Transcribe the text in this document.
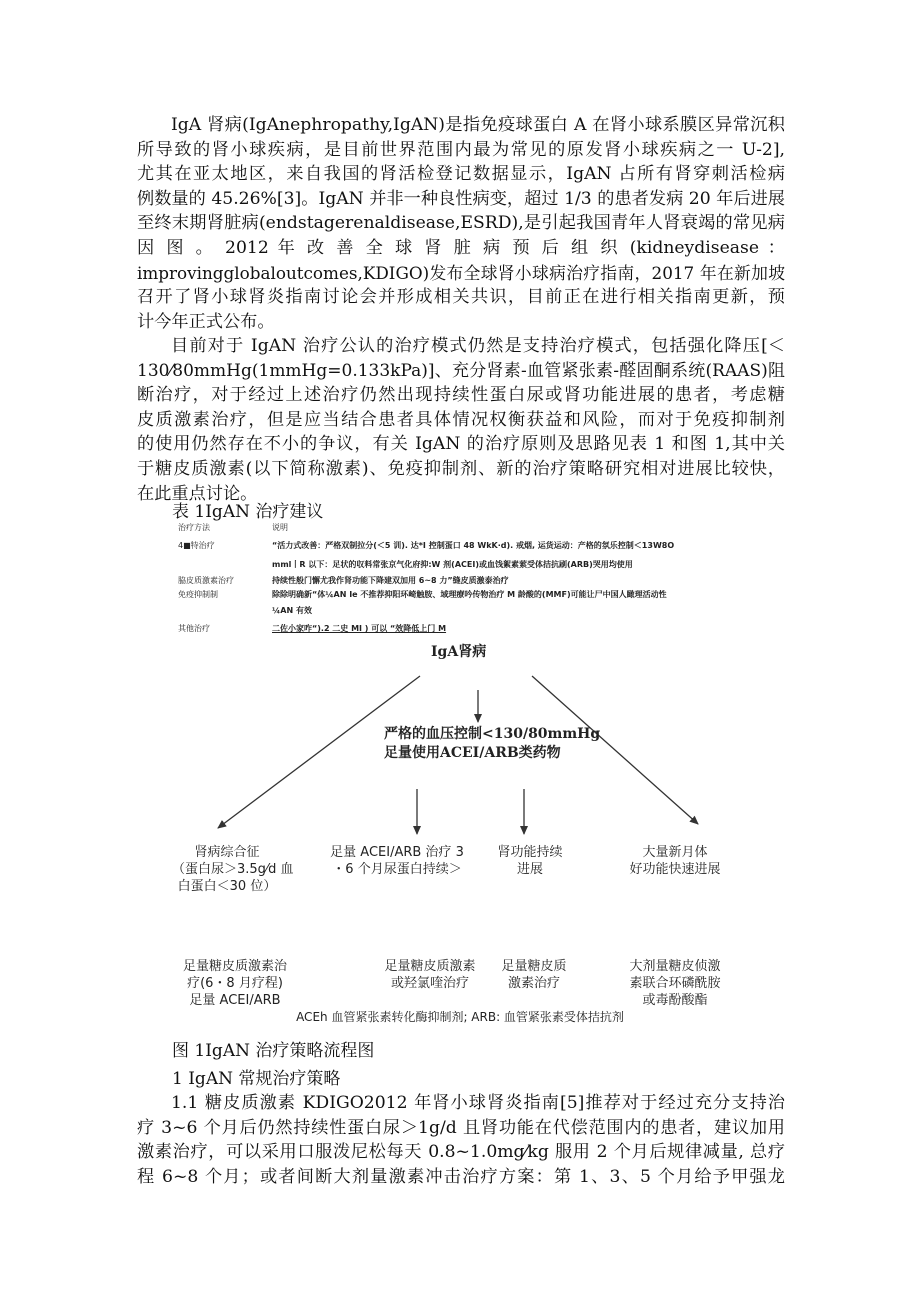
IgA 肾病(IgAnephropathy,IgAN)是指免疫球蛋白 A 在肾小球系膜区异常沉积
所导致的肾小球疾病，是目前世界范围内最为常见的原发肾小球疾病之一 U-2],
尤其在亚太地区，来自我国的肾活检登记数据显示，IgAN 占所有肾穿刺活检病
例数量的 45.26%[3]。IgAN 并非一种良性病变，超过 1/3 的患者发病 20 年后进展
至终末期肾脏病(endstagerenaldisease,ESRD),是引起我国青年人肾衰竭的常见病
因 图 。 2012 年 改 善 全 球 肾 脏 病 预 后 组 织 (kidneydisease ：
improvingglobaloutcomes,KDIGO)发布全球肾小球病治疗指南，2017 年在新加坡
召开了肾小球肾炎指南讨论会并形成相关共识，目前正在进行相关指南更新，预
计今年正式公布。
目前对于 IgAN 治疗公认的治疗模式仍然是支持治疗模式，包括强化降压[＜
130⁄80mmHg(1mmHg=0.133kPa)]、充分肾素-血管紧张素-醛固酮系统(RAAS)阻
断治疗，对于经过上述治疗仍然出现持续性蛋白尿或肾功能进展的患者，考虑糖
皮质激素治疗，但是应当结合患者具体情况权衡获益和风险，而对于免疫抑制剂
的使用仍然存在不小的争议，有关 IgAN 的治疗原则及思路见表 1 和图 1,其中关
于糖皮质激素(以下简称激素)、免疫抑制剂、新的治疗策略研究相对进展比较快，
在此重点讨论。
表 1IgAN 治疗建议
治疗方法	说明
4■特治疗	“活力式改善：严格双制拉分(＜5 训). 达*I 控制蛋口 48 WkK·d). 戒烟, 运货运动：产格的氛乐控制＜13W8O
mml丨R 以下：足状的収料常张京气化府抑:W 剂(ACEI)或血饯絮素萦受体拮抗刷(ARB)哭用均使用
脇皮质激素治疗	持续性般门懈尤我作肾功能下降建双加用 6~8 力”缝皮质激泰治疗
免疫抑制制	除除明确新“体¼AN Ie 不推荐抑阳环崎触胺、域理療吟传物治疗 M 龄酸的(MMF)可能让尸中国人瞰理活动性
¼AN 有效
其他治疗	二佐小家咋“).2 二史 MI ) 可以 “效降低上门 M
IgA肾病
严格的血压控制<130/80mmHg
足量使用ACEI/ARB类药物
肾病综合征
（蛋白尿＞3.5g⁄d 血
白蛋白＜30 位）
足量 ACEI/ARB 治疗 3
・6 个月尿蛋白持续＞
肾功能持续
进展
大量新月体
好功能快速进展
足量糖皮质激素治
疗(6・8 月疗程)
足量 ACEI/ARB
足量糖皮质激素
或羟氯喹治疗
足量糖皮质
激素治疗
大剂量糖皮侦激
素联合环磷酰胺
或毒酚酸酯
ACEh 血管紧张素转化酶抑制剂; ARB: 血管紧张素受体拮抗剂
图 1IgAN 治疗策略流程图
1 IgAN 常规治疗策略
1.1 糖皮质激素 KDIGO2012 年肾小球肾炎指南[5]推荐对于经过充分支持治
疗 3~6 个月后仍然持续性蛋白尿＞1g/d 且肾功能在代偿范围内的患者，建议加用
激素治疗，可以采用口服泼尼松每天 0.8~1.0mg⁄kg 服用 2 个月后规律减量, 总疗
程 6~8 个月；或者间断大剂量激素冲击治疗方案：第 1、3、5 个月给予甲强龙
